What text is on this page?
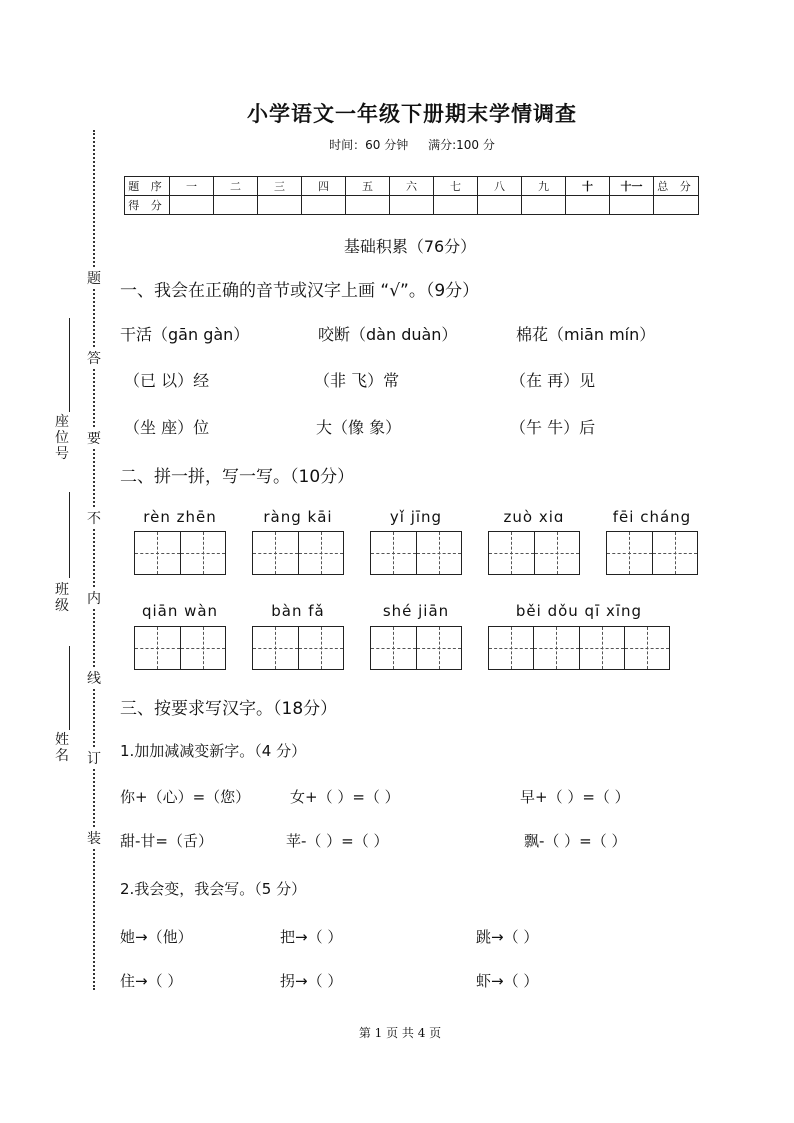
题
答
要
不
内
线
订
装
座位号
班级
姓名
小学语文一年级下册期末学情调查
时间：60 分钟 满分:100 分
题 序	一	二	三	四	五	六	七	八	九	十	十一	总 分
得 分												
基础积累（76分）
一、我会在正确的音节或汉字上画 “√”。（9分）
干活（gān gàn）	咬断（dàn duàn）	棉花（miān mín）
（已 以）经	（非 飞）常	（在 再）见
（坐 座）位	大（像 象）	（午 牛）后
二、拼一拼，写一写。（10分）
rèn zhēn	ràng kāi	yǐ jīng	zuò xiɑ	fēi cháng
qiān wàn	bàn fǎ	shé jiān	běi dǒu qī xīng
三、按要求写汉字。（18分）
1.加加减减变新字。（4 分）
你+（心）=（您）	女+（ ）=（ ）	早+（ ）=（ ）
甜-甘=（舌）	苹-（ ）=（ ）	飘-（ ）=（ ）
2.我会变，我会写。（5 分）
她→（他）	把→（ ）	跳→（ ）
住→（ ）	拐→（ ）	虾→（ ）
第 1 页 共 4 页
